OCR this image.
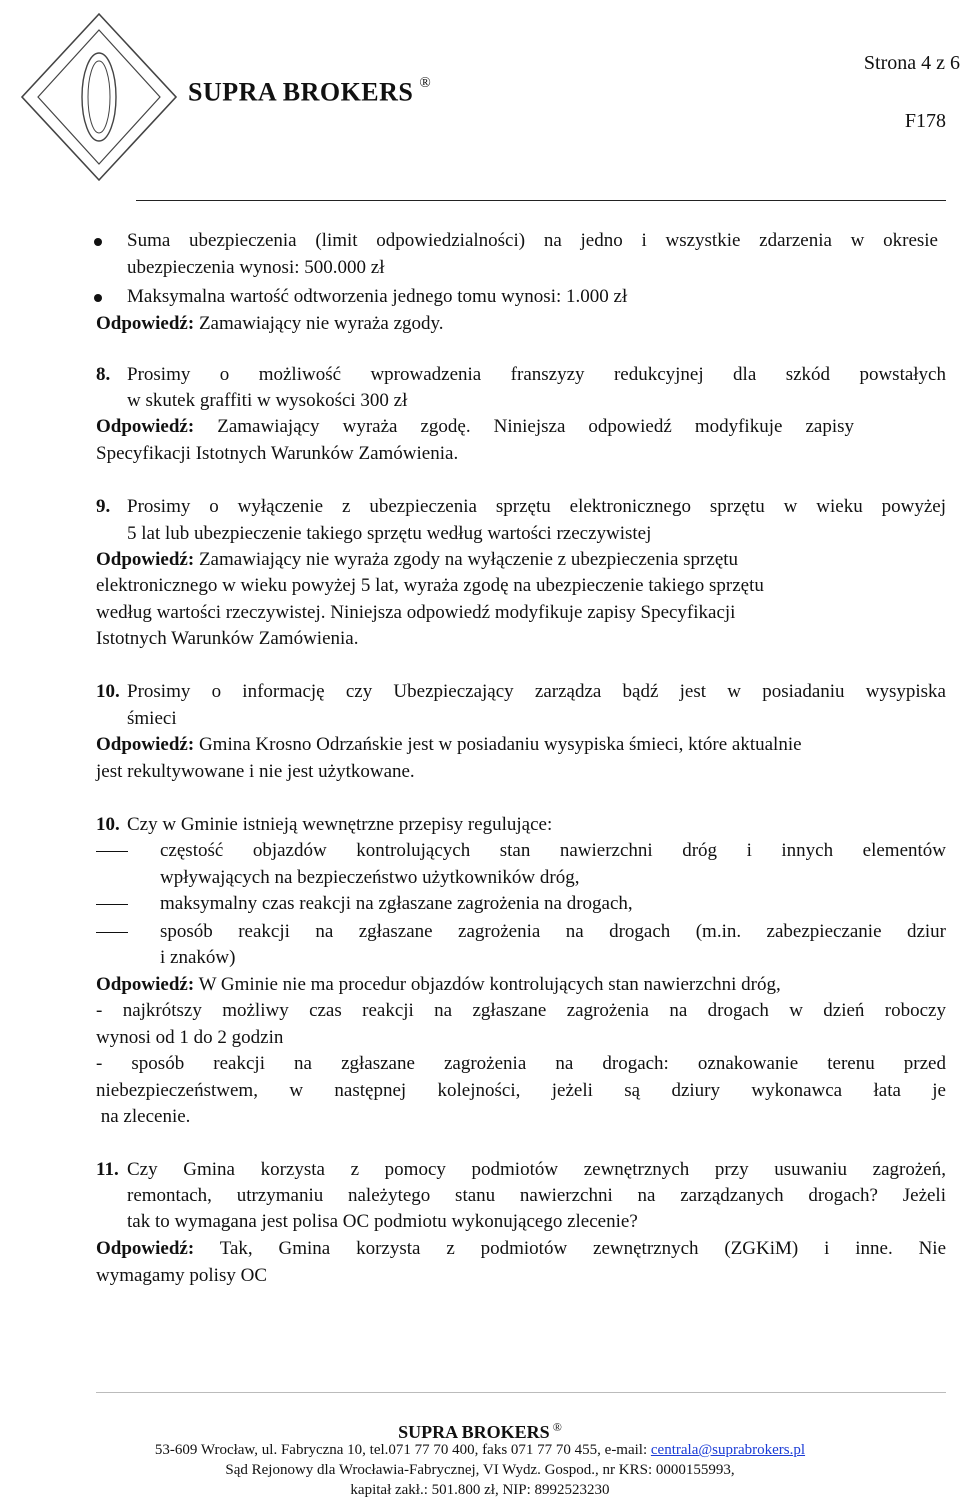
SUPRA BROKERS ®
Strona 4 z 6
F178
Suma ubezpieczenia (limit odpowiedzialności) na jedno i wszystkie zdarzenia w okresie
ubezpieczenia wynosi: 500.000 zł
Maksymalna wartość odtworzenia jednego tomu wynosi: 1.000 zł
Odpowiedź: Zamawiający nie wyraża zgody.
8. Prosimy o możliwość wprowadzenia franszyzy redukcyjnej dla szkód powstałych
w skutek graffiti w wysokości 300 zł
Odpowiedź: Zamawiający wyraża zgodę. Niniejsza odpowiedź modyfikuje zapisy
Specyfikacji Istotnych Warunków Zamówienia.
9. Prosimy o wyłączenie z ubezpieczenia sprzętu elektronicznego sprzętu w wieku powyżej
5 lat lub ubezpieczenie takiego sprzętu według wartości rzeczywistej
Odpowiedź: Zamawiający nie wyraża zgody na wyłączenie z ubezpieczenia sprzętu
elektronicznego w wieku powyżej 5 lat, wyraża zgodę na ubezpieczenie takiego sprzętu
według wartości rzeczywistej. Niniejsza odpowiedź modyfikuje zapisy Specyfikacji
Istotnych Warunków Zamówienia.
10. Prosimy o informację czy Ubezpieczający zarządza bądź jest w posiadaniu wysypiska
śmieci
Odpowiedź: Gmina Krosno Odrzańskie jest w posiadaniu wysypiska śmieci, które aktualnie
jest rekultywowane i nie jest użytkowane.
10. Czy w Gminie istnieją wewnętrzne przepisy regulujące:
częstość objazdów kontrolujących stan nawierzchni dróg i innych elementów
wpływających na bezpieczeństwo użytkowników dróg,
maksymalny czas reakcji na zgłaszane zagrożenia na drogach,
sposób reakcji na zgłaszane zagrożenia na drogach (m.in. zabezpieczanie dziur
i znaków)
Odpowiedź: W Gminie nie ma procedur objazdów kontrolujących stan nawierzchni dróg,
- najkrótszy możliwy czas reakcji na zgłaszane zagrożenia na drogach w dzień roboczy
wynosi od 1 do 2 godzin
- sposób reakcji na zgłaszane zagrożenia na drogach: oznakowanie terenu przed
niebezpieczeństwem, w następnej kolejności, jeżeli są dziury wykonawca łata je
na zlecenie.
11. Czy Gmina korzysta z pomocy podmiotów zewnętrznych przy usuwaniu zagrożeń,
remontach, utrzymaniu należytego stanu nawierzchni na zarządzanych drogach? Jeżeli
tak to wymagana jest polisa OC podmiotu wykonującego zlecenie?
Odpowiedź: Tak, Gmina korzysta z podmiotów zewnętrznych (ZGKiM) i inne. Nie
wymagamy polisy OC
SUPRA BROKERS ®
53-609 Wrocław, ul. Fabryczna 10, tel.071 77 70 400, faks 071 77 70 455, e-mail: centrala@suprabrokers.pl
Sąd Rejonowy dla Wrocławia-Fabrycznej, VI Wydz. Gospod., nr KRS: 0000155993,
kapitał zakł.: 501.800 zł, NIP: 8992523230
